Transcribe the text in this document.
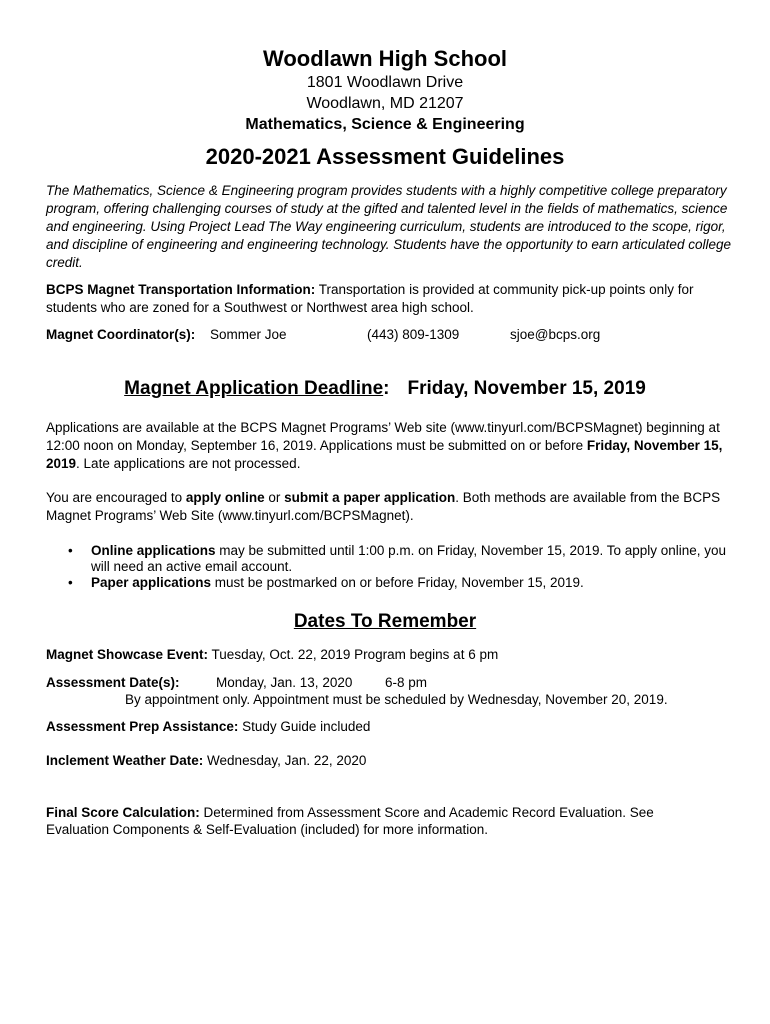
Woodlawn High School
1801 Woodlawn Drive
Woodlawn, MD 21207
Mathematics, Science & Engineering
2020-2021 Assessment Guidelines
The Mathematics, Science & Engineering program provides students with a highly competitive college preparatory program, offering challenging courses of study at the gifted and talented level in the fields of mathematics, science and engineering. Using Project Lead The Way engineering curriculum, students are introduced to the scope, rigor, and discipline of engineering and engineering technology. Students have the opportunity to earn articulated college credit.
BCPS Magnet Transportation Information: Transportation is provided at community pick-up points only for students who are zoned for a Southwest or Northwest area high school.
Magnet Coordinator(s): Sommer Joe	(443) 809-1309	sjoe@bcps.org
Magnet Application Deadline: Friday, November 15, 2019
Applications are available at the BCPS Magnet Programs’ Web site (www.tinyurl.com/BCPSMagnet) beginning at 12:00 noon on Monday, September 16, 2019. Applications must be submitted on or before Friday, November 15, 2019. Late applications are not processed.
You are encouraged to apply online or submit a paper application. Both methods are available from the BCPS Magnet Programs’ Web Site (www.tinyurl.com/BCPSMagnet).
• Online applications may be submitted until 1:00 p.m. on Friday, November 15, 2019. To apply online, you will need an active email account.
• Paper applications must be postmarked on or before Friday, November 15, 2019.
Dates To Remember
Magnet Showcase Event: Tuesday, Oct. 22, 2019 Program begins at 6 pm
Assessment Date(s):	Monday, Jan. 13, 2020 6-8 pm
By appointment only. Appointment must be scheduled by Wednesday, November 20, 2019.
Assessment Prep Assistance: Study Guide included
Inclement Weather Date: Wednesday, Jan. 22, 2020
Final Score Calculation: Determined from Assessment Score and Academic Record Evaluation. See
Evaluation Components & Self-Evaluation (included) for more information.
